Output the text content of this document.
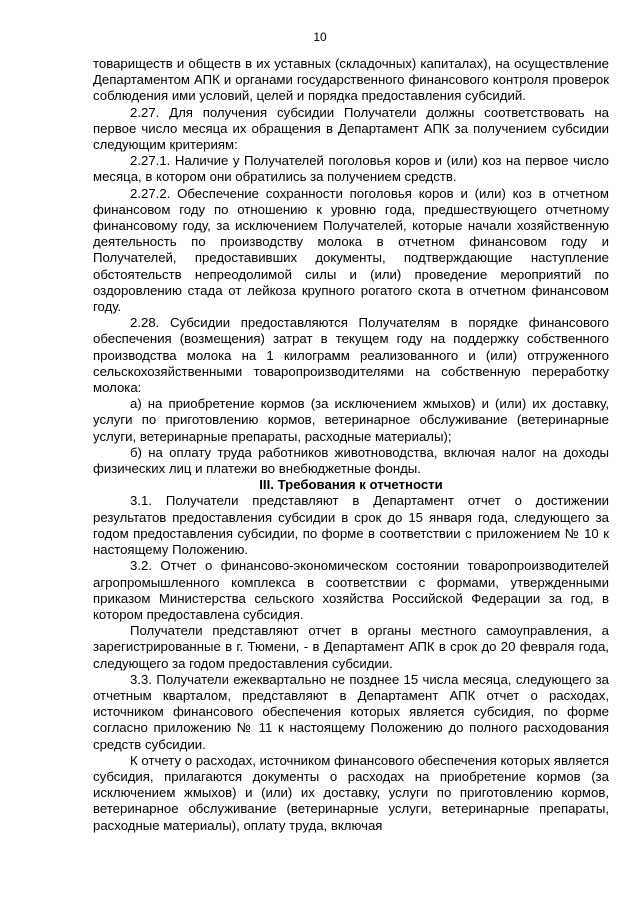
10

товариществ и обществ в их уставных (складочных) капиталах), на осуществление Департаментом АПК и органами государственного финансового контроля проверок соблюдения ими условий, целей и порядка предоставления субсидий.

2.27. Для получения субсидии Получатели должны соответствовать на первое число месяца их обращения в Департамент АПК за получением субсидии следующим критериям:

2.27.1. Наличие у Получателей поголовья коров и (или) коз на первое число месяца, в котором они обратились за получением средств.

2.27.2. Обеспечение сохранности поголовья коров и (или) коз в отчетном финансовом году по отношению к уровню года, предшествующего отчетному финансовому году, за исключением Получателей, которые начали хозяйственную деятельность по производству молока в отчетном финансовом году и Получателей, предоставивших документы, подтверждающие наступление обстоятельств непреодолимой силы и (или) проведение мероприятий по оздоровлению стада от лейкоза крупного рогатого скота в отчетном финансовом году.

2.28. Субсидии предоставляются Получателям в порядке финансового обеспечения (возмещения) затрат в текущем году на поддержку собственного производства молока на 1 килограмм реализованного и (или) отгруженного сельскохозяйственными товаропроизводителями на собственную переработку молока:

а) на приобретение кормов (за исключением жмыхов) и (или) их доставку, услуги по приготовлению кормов, ветеринарное обслуживание (ветеринарные услуги, ветеринарные препараты, расходные материалы);

б) на оплату труда работников животноводства, включая налог на доходы физических лиц и платежи во внебюджетные фонды.

III. Требования к отчетности

3.1. Получатели представляют в Департамент отчет о достижении результатов предоставления субсидии в срок до 15 января года, следующего за годом предоставления субсидии, по форме в соответствии с приложением № 10 к настоящему Положению.

3.2. Отчет о финансово-экономическом состоянии товаропроизводителей агропромышленного комплекса в соответствии с формами, утвержденными приказом Министерства сельского хозяйства Российской Федерации за год, в котором предоставлена субсидия.

Получатели представляют отчет в органы местного самоуправления, а зарегистрированные в г. Тюмени, - в Департамент АПК в срок до 20 февраля года, следующего за годом предоставления субсидии.

3.3. Получатели ежеквартально не позднее 15 числа месяца, следующего за отчетным кварталом, представляют в Департамент АПК отчет о расходах, источником финансового обеспечения которых является субсидия, по форме согласно приложению № 11 к настоящему Положению до полного расходования средств субсидии.

К отчету о расходах, источником финансового обеспечения которых является субсидия, прилагаются документы о расходах на приобретение кормов (за исключением жмыхов) и (или) их доставку, услуги по приготовлению кормов, ветеринарное обслуживание (ветеринарные услуги, ветеринарные препараты, расходные материалы), оплату труда, включая
